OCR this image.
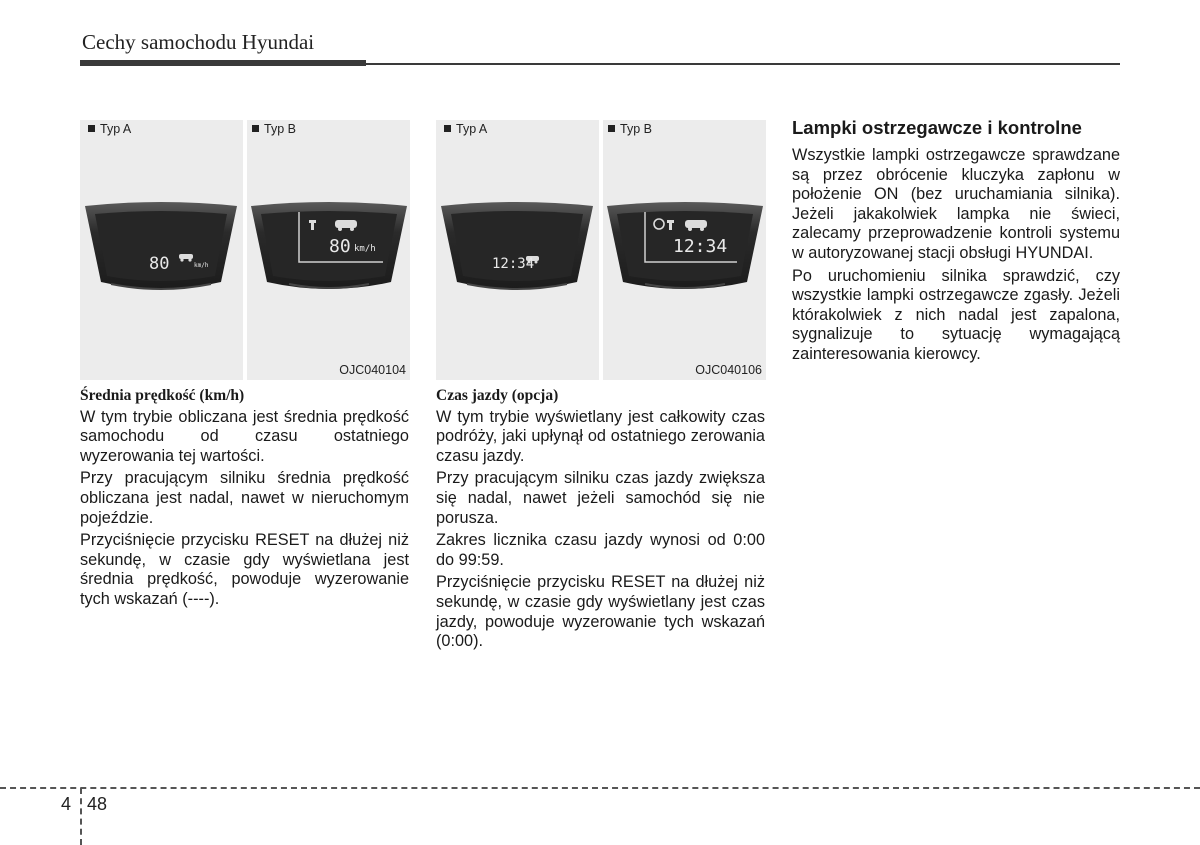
Cechy samochodu Hyundai
Typ A	Typ B
80	km/h
80 km/h
OJC040104
Typ A	Typ B
12:34
12:34
OJC040106
Średnia prędkość (km/h)

W tym trybie obliczana jest średnia prędkość samochodu od czasu ostatniego wyzerowania tej wartości.

Przy pracującym silniku średnia prędkość obliczana jest nadal, nawet w nieruchomym pojeździe.

Przyciśnięcie przycisku RESET na dłużej niż sekundę, w czasie gdy wyświetlana jest średnia prędkość, powoduje wyzerowanie tych wskazań (----).

Czas jazdy (opcja)

W tym trybie wyświetlany jest całkowity czas podróży, jaki upłynął od ostatniego zerowania czasu jazdy.

Przy pracującym silniku czas jazdy zwiększa się nadal, nawet jeżeli samochód się nie porusza.

Zakres licznika czasu jazdy wynosi od 0:00 do 99:59.

Przyciśnięcie przycisku RESET na dłużej niż sekundę, w czasie gdy wyświetlany jest czas jazdy, powoduje wyzerowanie tych wskazań (0:00).

Lampki ostrzegawcze i kontrolne

Wszystkie lampki ostrzegawcze sprawdzane są przez obrócenie kluczyka zapłonu w położenie ON (bez uruchamiania silnika). Jeżeli jakakolwiek lampka nie świeci, zalecamy przeprowadzenie kontroli systemu w autoryzowanej stacji obsługi HYUNDAI.

Po uruchomieniu silnika sprawdzić, czy wszystkie lampki ostrzegawcze zgasły. Jeżeli którakolwiek z nich nadal jest zapalona, sygnalizuje to sytuację wymagającą zainteresowania kierowcy.

4 48
